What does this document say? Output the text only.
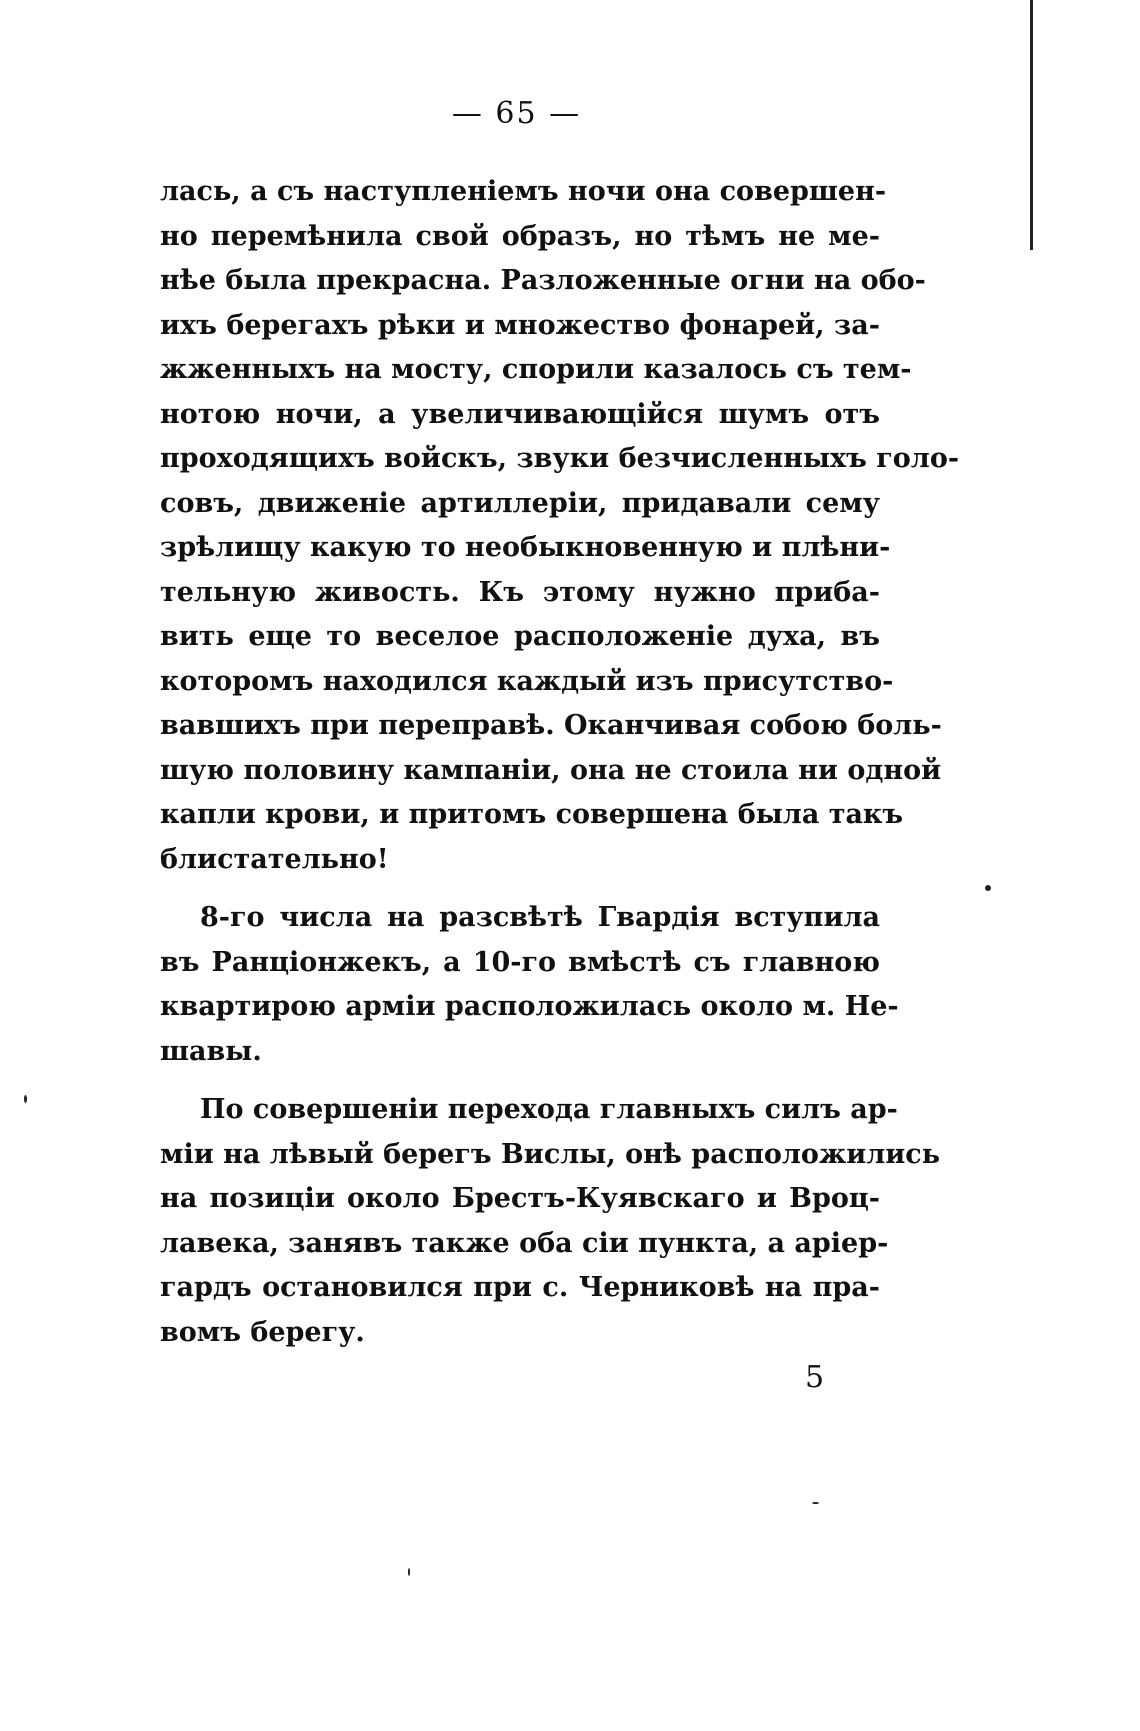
— 65 —
лась, а съ наступленіемъ ночи она совершен-
но перемѣнила свой образъ, но тѣмъ не ме-
нѣе была прекрасна. Разложенные огни на обо-
ихъ берегахъ рѣки и множество фонарей, за-
жженныхъ на мосту, спорили казалось съ тем-
нотою ночи, а увеличивающійся шумъ отъ
проходящихъ войскъ, звуки безчисленныхъ голо-
совъ, движеніе артиллеріи, придавали сему
зрѣлищу какую то необыкновенную и плѣни-
тельную живость. Къ этому нужно приба-
вить еще то веселое расположеніе духа, въ
которомъ находился каждый изъ присутство-
вавшихъ при переправѣ. Оканчивая собою боль-
шую половину кампаніи, она не стоила ни одной
капли крови, и притомъ совершена была такъ
блистательно!
8-го числа на разсвѣтѣ Гвардія вступила
въ Ранціонжекъ, а 10-го вмѣстѣ съ главною
квартирою арміи расположилась около м. Не-
шавы.
По совершеніи перехода главныхъ силъ ар-
міи на лѣвый берегъ Вислы, онѣ расположились
на позиціи около Брестъ-Куявскаго и Вроц-
лавека, занявъ также оба сіи пункта, а аріер-
гардъ остановился при с. Черниковѣ на пра-
вомъ берегу.
5
